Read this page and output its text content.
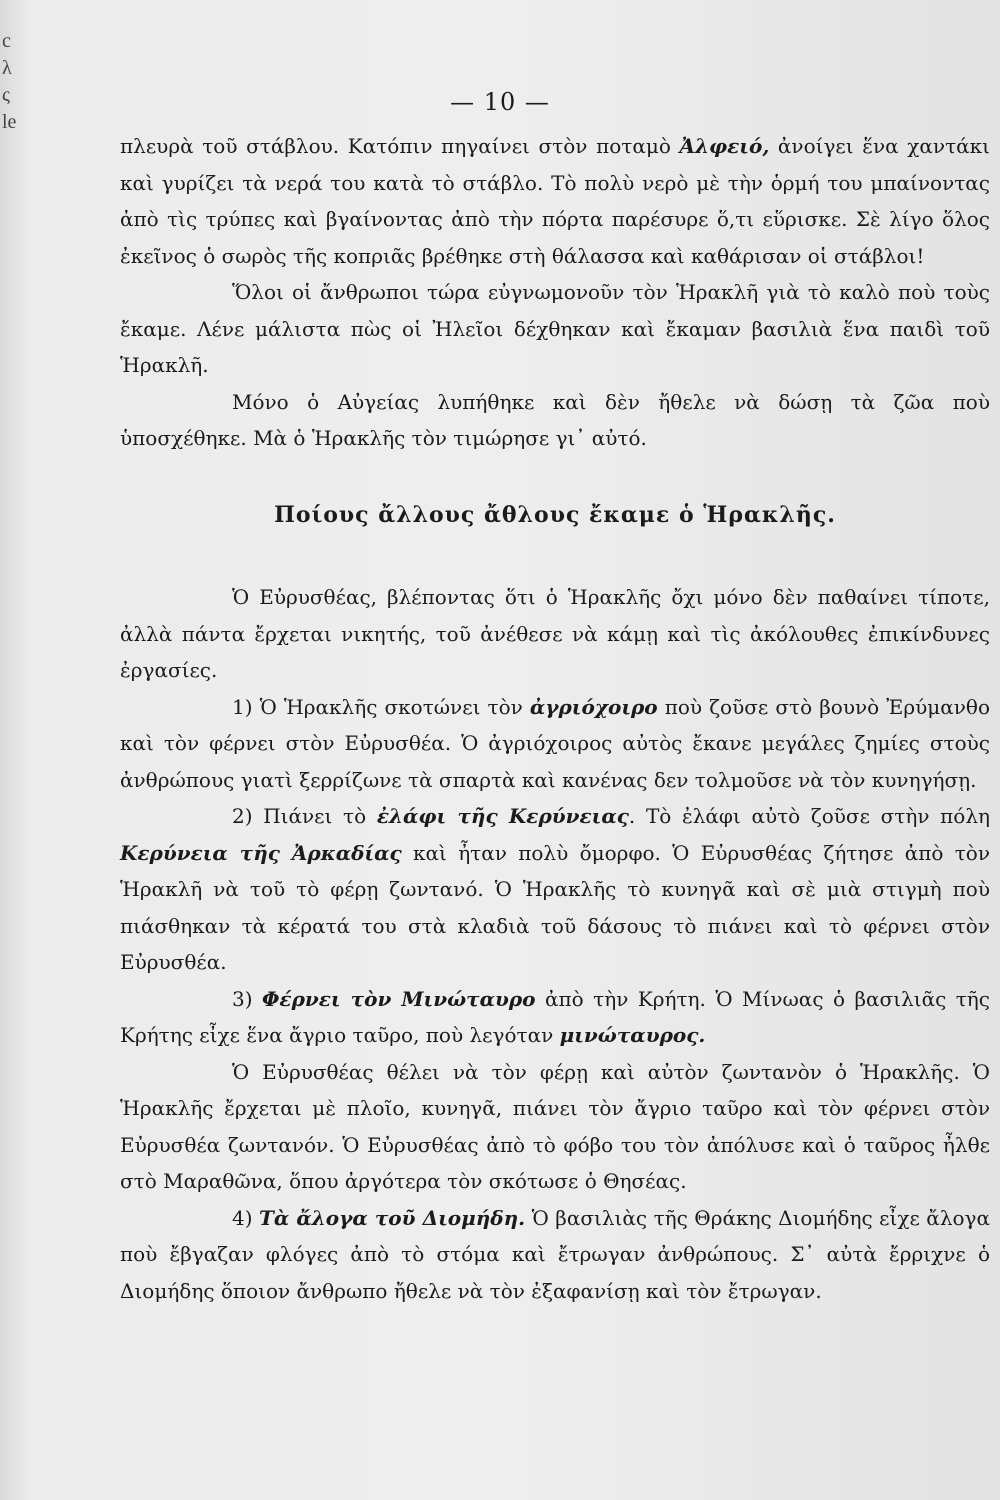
c
λ
ς
le
— 10 —

πλευρὰ τοῦ στάβλου. Κατόπιν πηγαίνει στὸν ποταμὸ Ἀλφειό, ἀνοίγει ἕνα χαντάκι καὶ γυρίζει τὰ νερά του κατὰ τὸ στάβλο. Τὸ πολὺ νερὸ μὲ τὴν ὁρμή του μπαίνοντας ἀπὸ τὶς τρύπες καὶ βγαίνοντας ἀπὸ τὴν πόρτα παρέσυρε ὅ,τι εὕρισκε. Σὲ λίγο ὅλος ἐκεῖνος ὁ σωρὸς τῆς κοπριᾶς βρέθηκε στὴ θάλασσα καὶ καθάρισαν οἱ στάβλοι!

Ὅλοι οἱ ἄνθρωποι τώρα εὐγνωμονοῦν τὸν Ἡρακλῆ γιὰ τὸ καλὸ ποὺ τοὺς ἔκαμε. Λένε μάλιστα πὼς οἱ Ἠλεῖοι δέχθηκαν καὶ ἔκαμαν βασιλιὰ ἕνα παιδὶ τοῦ Ἡρακλῆ.

Μόνο ὁ Αὐγείας λυπήθηκε καὶ δὲν ἤθελε νὰ δώσῃ τὰ ζῶα ποὺ ὑποσχέθηκε. Μὰ ὁ Ἡρακλῆς τὸν τιμώρησε γι᾽ αὐτό.

Ποίους ἄλλους ἄθλους ἔκαμε ὁ Ἡρακλῆς.

Ὁ Εὐρυσθέας, βλέποντας ὅτι ὁ Ἡρακλῆς ὄχι μόνο δὲν παθαίνει τίποτε, ἀλλὰ πάντα ἔρχεται νικητής, τοῦ ἀνέθεσε νὰ κάμῃ καὶ τὶς ἀκόλουθες ἐπικίνδυνες ἐργασίες.

1) Ὁ Ἡρακλῆς σκοτώνει τὸν ἀγριόχοιρο ποὺ ζοῦσε στὸ βουνὸ Ἐρύμανθο καὶ τὸν φέρνει στὸν Εὐρυσθέα. Ὁ ἀγριόχοιρος αὐτὸς ἔκανε μεγάλες ζημίες στοὺς ἀνθρώπους γιατὶ ξερρίζωνε τὰ σπαρτὰ καὶ κανένας δεν τολμοῦσε νὰ τὸν κυνηγήσῃ.

2) Πιάνει τὸ ἐλάφι τῆς Κερύνειας. Τὸ ἐλάφι αὐτὸ ζοῦσε στὴν πόλη Κερύνεια τῆς Ἀρκαδίας καὶ ἦταν πολὺ ὄμορφο. Ὁ Εὐρυσθέας ζήτησε ἀπὸ τὸν Ἡρακλῆ νὰ τοῦ τὸ φέρῃ ζωντανό. Ὁ Ἡρακλῆς τὸ κυνηγᾶ καὶ σὲ μιὰ στιγμὴ ποὺ πιάσθηκαν τὰ κέρατά του στὰ κλαδιὰ τοῦ δάσους τὸ πιάνει καὶ τὸ φέρνει στὸν Εὐρυσθέα.

3) Φέρνει τὸν Μινώταυρο ἀπὸ τὴν Κρήτη. Ὁ Μίνωας ὁ βασιλιᾶς τῆς Κρήτης εἶχε ἕνα ἄγριο ταῦρο, ποὺ λεγόταν μινώταυρος.

Ὁ Εὐρυσθέας θέλει νὰ τὸν φέρῃ καὶ αὐτὸν ζωντανὸν ὁ Ἡρακλῆς. Ὁ Ἡρακλῆς ἔρχεται μὲ πλοῖο, κυνηγᾶ, πιάνει τὸν ἄγριο ταῦρο καὶ τὸν φέρνει στὸν Εὐρυσθέα ζωντανόν. Ὁ Εὐρυσθέας ἀπὸ τὸ φόβο του τὸν ἀπόλυσε καὶ ὁ ταῦρος ἦλθε στὸ Μαραθῶνα, ὅπου ἀργότερα τὸν σκότωσε ὁ Θησέας.

4) Τὰ ἄλογα τοῦ Διομήδη. Ὁ βασιλιὰς τῆς Θράκης Διομήδης εἶχε ἄλογα ποὺ ἔβγαζαν φλόγες ἀπὸ τὸ στόμα καὶ ἔτρωγαν ἀνθρώπους. Σ᾽ αὐτὰ ἔρριχνε ὁ Διομήδης ὅποιον ἄνθρωπο ἤθελε νὰ τὸν ἐξαφανίσῃ καὶ τὸν ἔτρωγαν.
